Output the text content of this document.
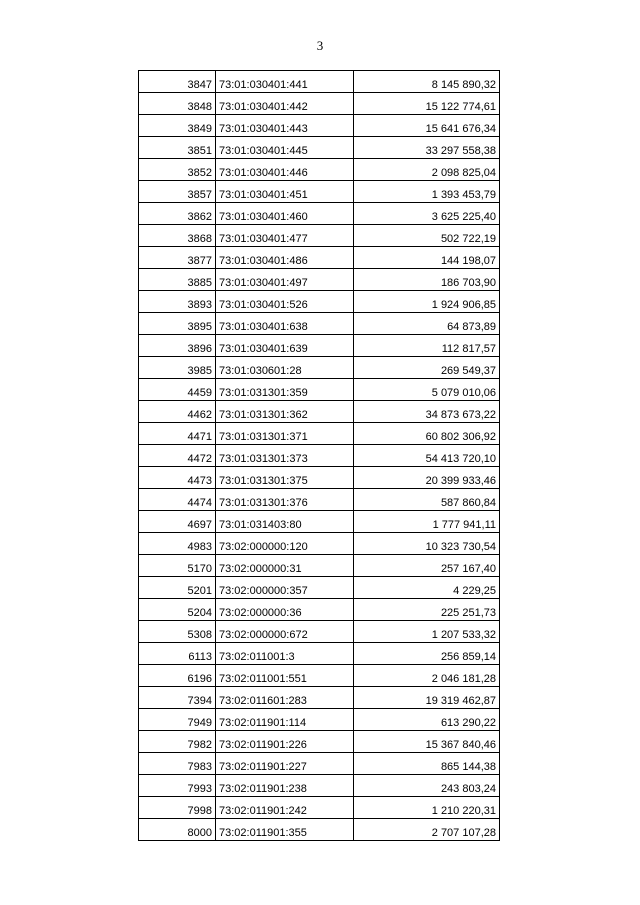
3
3847	73:01:030401:441	8 145 890,32
3848	73:01:030401:442	15 122 774,61
3849	73:01:030401:443	15 641 676,34
3851	73:01:030401:445	33 297 558,38
3852	73:01:030401:446	2 098 825,04
3857	73:01:030401:451	1 393 453,79
3862	73:01:030401:460	3 625 225,40
3868	73:01:030401:477	502 722,19
3877	73:01:030401:486	144 198,07
3885	73:01:030401:497	186 703,90
3893	73:01:030401:526	1 924 906,85
3895	73:01:030401:638	64 873,89
3896	73:01:030401:639	112 817,57
3985	73:01:030601:28	269 549,37
4459	73:01:031301:359	5 079 010,06
4462	73:01:031301:362	34 873 673,22
4471	73:01:031301:371	60 802 306,92
4472	73:01:031301:373	54 413 720,10
4473	73:01:031301:375	20 399 933,46
4474	73:01:031301:376	587 860,84
4697	73:01:031403:80	1 777 941,11
4983	73:02:000000:120	10 323 730,54
5170	73:02:000000:31	257 167,40
5201	73:02:000000:357	4 229,25
5204	73:02:000000:36	225 251,73
5308	73:02:000000:672	1 207 533,32
6113	73:02:011001:3	256 859,14
6196	73:02:011001:551	2 046 181,28
7394	73:02:011601:283	19 319 462,87
7949	73:02:011901:114	613 290,22
7982	73:02:011901:226	15 367 840,46
7983	73:02:011901:227	865 144,38
7993	73:02:011901:238	243 803,24
7998	73:02:011901:242	1 210 220,31
8000	73:02:011901:355	2 707 107,28
